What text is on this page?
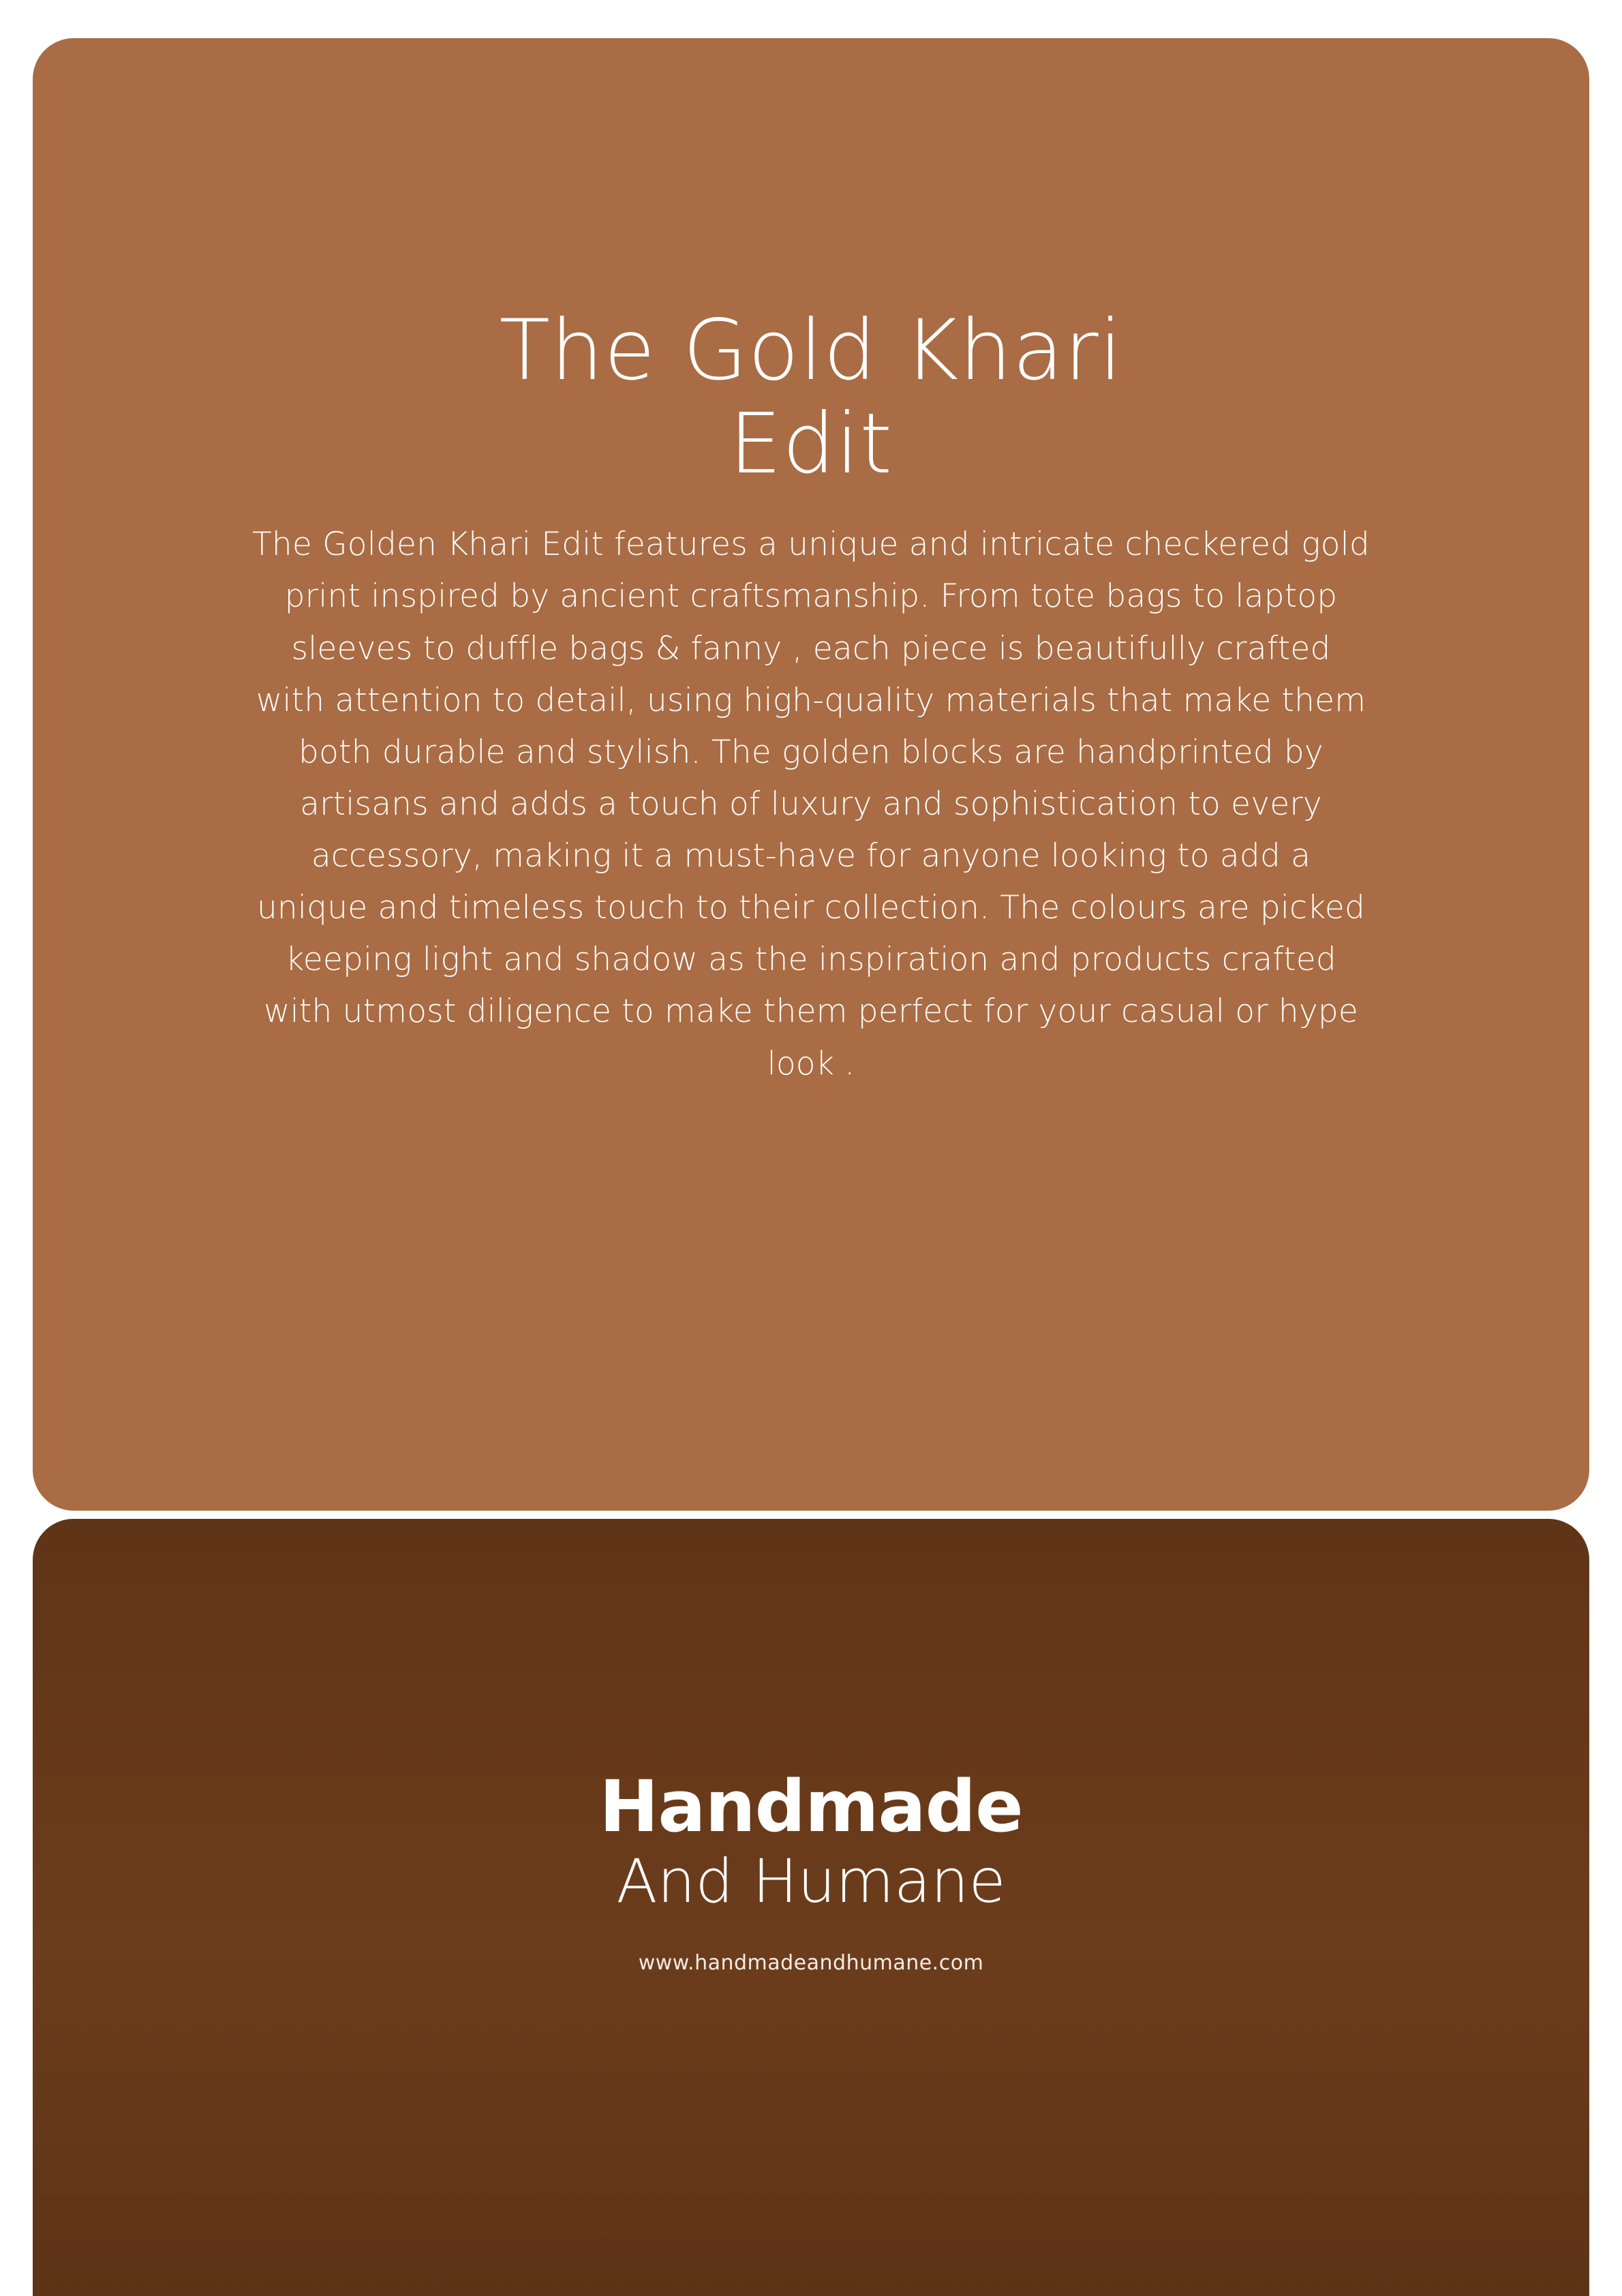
The Gold Khari
Edit
The Golden Khari Edit features a unique and intricate checkered gold print inspired by ancient craftsmanship. From tote bags to laptop sleeves to duffle bags & fanny , each piece is beautifully crafted with attention to detail, using high-quality materials that make them both durable and stylish. The golden blocks are handprinted by artisans and adds a touch of luxury and sophistication to every accessory, making it a must-have for anyone looking to add a unique and timeless touch to their collection. The colours are picked keeping light and shadow as the inspiration and products crafted with utmost diligence to make them perfect for your casual or hype look .
Handmade
And Humane
www.handmadeandhumane.com
